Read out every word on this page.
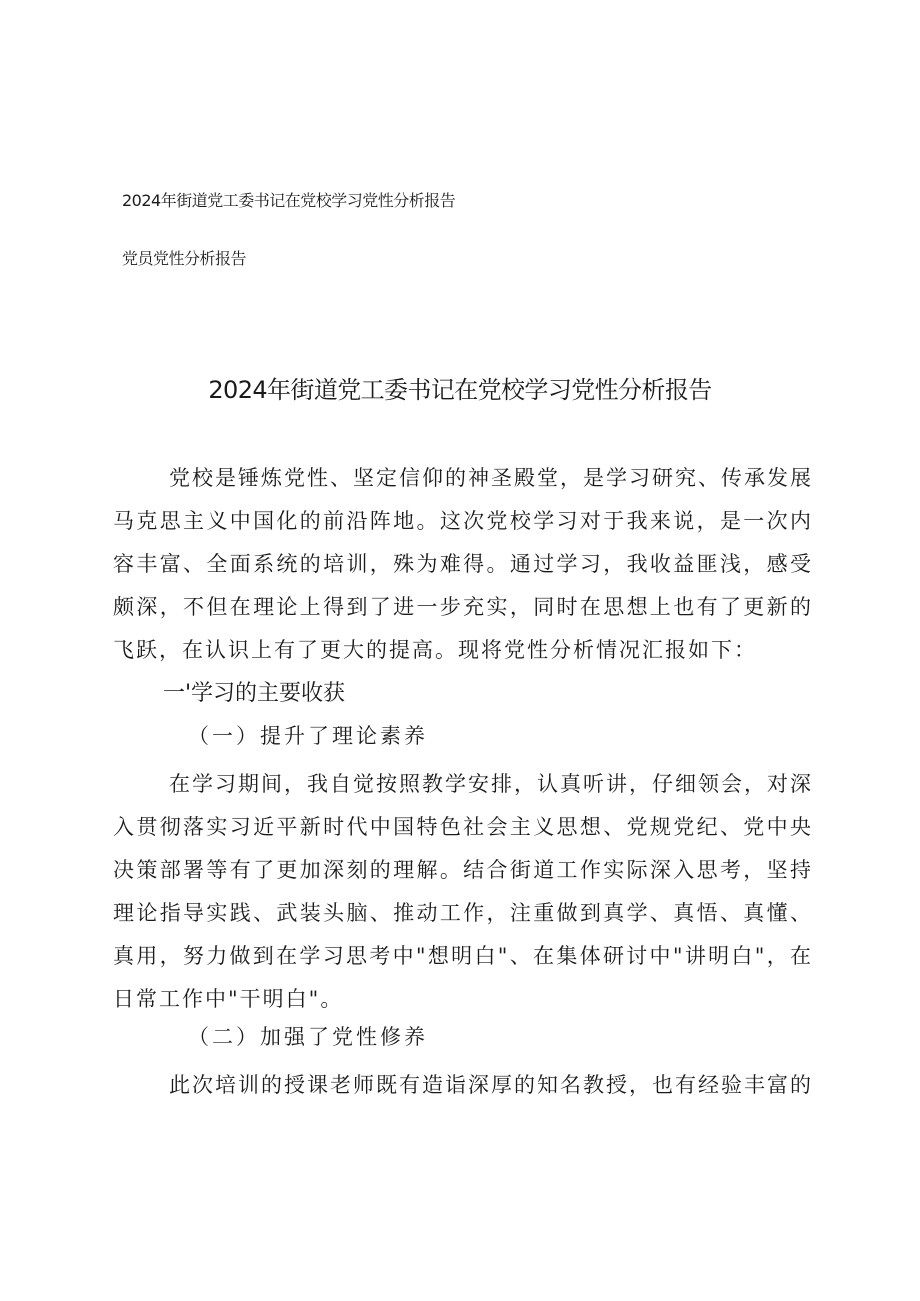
2024年街道党工委书记在党校学习党性分析报告
党员党性分析报告
2024年街道党工委书记在党校学习党性分析报告

党校是锤炼党性、坚定信仰的神圣殿堂，是学习研究、传承发展马克思主义中国化的前沿阵地。这次党校学习对于我来说，是一次内容丰富、全面系统的培训，殊为难得。通过学习，我收益匪浅，感受颇深，不但在理论上得到了进一步充实，同时在思想上也有了更新的飞跃，在认识上有了更大的提高。现将党性分析情况汇报如下：

一'学习的主要收获
（一）提升了理论素养

在学习期间，我自觉按照教学安排，认真听讲，仔细领会，对深入贯彻落实习近平新时代中国特色社会主义思想、党规党纪、党中央决策部署等有了更加深刻的理解。结合街道工作实际深入思考，坚持理论指导实践、武装头脑、推动工作，注重做到真学、真悟、真懂、真用，努力做到在学习思考中"想明白"、在集体研讨中"讲明白"，在日常工作中"干明白"。

（二）加强了党性修养

此次培训的授课老师既有造诣深厚的知名教授，也有经验丰富的
